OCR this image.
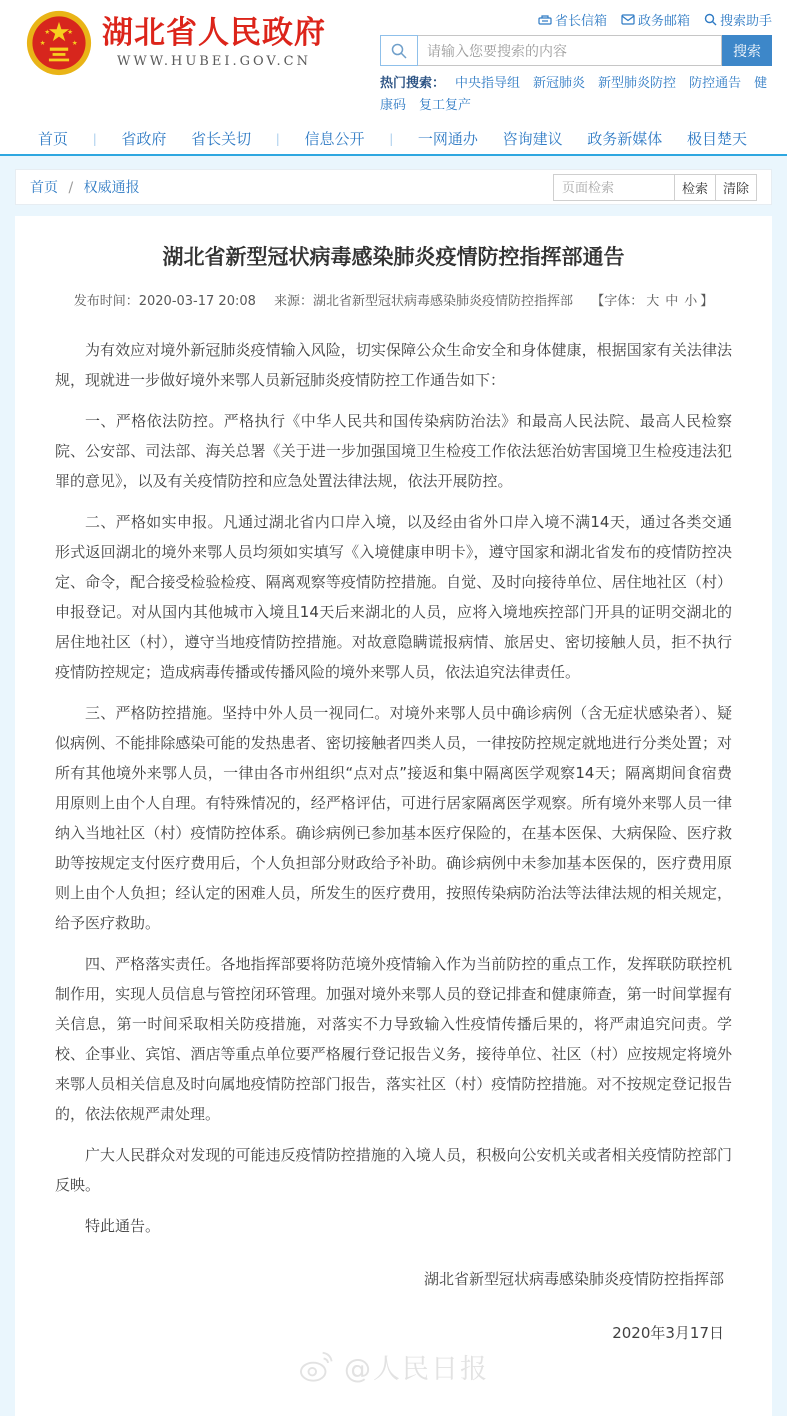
★ ★
★	★ 湖北省人民政府
WWW.HUBEI.GOV.CN
省长信箱 政务邮箱 搜索助手
请输入您要搜索的内容
搜索
热门搜索： 中央指导组 新冠肺炎 新型肺炎防控 防控通告 健康码 复工复产
首页 | 省政府 省长关切 | 信息公开 | 一网通办 咨询建议 政务新媒体 极目楚天
首页 / 权威通报
页面检索	检索	清除
湖北省新型冠状病毒感染肺炎疫情防控指挥部通告
发布时间：2020-03-17 20:08 来源：湖北省新型冠状病毒感染肺炎疫情防控指挥部 【字体： 大 中 小 】

为有效应对境外新冠肺炎疫情输入风险，切实保障公众生命安全和身体健康，根据国家有关法律法规，现就进一步做好境外来鄂人员新冠肺炎疫情防控工作通告如下：

一、严格依法防控。严格执行《中华人民共和国传染病防治法》和最高人民法院、最高人民检察院、公安部、司法部、海关总署《关于进一步加强国境卫生检疫工作依法惩治妨害国境卫生检疫违法犯罪的意见》，以及有关疫情防控和应急处置法律法规，依法开展防控。

二、严格如实申报。凡通过湖北省内口岸入境，以及经由省外口岸入境不满14天，通过各类交通形式返回湖北的境外来鄂人员均须如实填写《入境健康申明卡》，遵守国家和湖北省发布的疫情防控决定、命令，配合接受检验检疫、隔离观察等疫情防控措施。自觉、及时向接待单位、居住地社区（村）申报登记。对从国内其他城市入境且14天后来湖北的人员，应将入境地疾控部门开具的证明交湖北的居住地社区（村），遵守当地疫情防控措施。对故意隐瞒谎报病情、旅居史、密切接触人员，拒不执行疫情防控规定；造成病毒传播或传播风险的境外来鄂人员，依法追究法律责任。

三、严格防控措施。坚持中外人员一视同仁。对境外来鄂人员中确诊病例（含无症状感染者）、疑似病例、不能排除感染可能的发热患者、密切接触者四类人员，一律按防控规定就地进行分类处置；对所有其他境外来鄂人员，一律由各市州组织“点对点”接返和集中隔离医学观察14天；隔离期间食宿费用原则上由个人自理。有特殊情况的，经严格评估，可进行居家隔离医学观察。所有境外来鄂人员一律纳入当地社区（村）疫情防控体系。确诊病例已参加基本医疗保险的，在基本医保、大病保险、医疗救助等按规定支付医疗费用后，个人负担部分财政给予补助。确诊病例中未参加基本医保的，医疗费用原则上由个人负担；经认定的困难人员，所发生的医疗费用，按照传染病防治法等法律法规的相关规定，给予医疗救助。

四、严格落实责任。各地指挥部要将防范境外疫情输入作为当前防控的重点工作，发挥联防联控机制作用，实现人员信息与管控闭环管理。加强对境外来鄂人员的登记排查和健康筛查，第一时间掌握有关信息，第一时间采取相关防疫措施，对落实不力导致输入性疫情传播后果的，将严肃追究问责。学校、企事业、宾馆、酒店等重点单位要严格履行登记报告义务，接待单位、社区（村）应按规定将境外来鄂人员相关信息及时向属地疫情防控部门报告，落实社区（村）疫情防控措施。对不按规定登记报告的，依法依规严肃处理。

广大人民群众对发现的可能违反疫情防控措施的入境人员，积极向公安机关或者相关疫情防控部门反映。

特此通告。

湖北省新型冠状病毒感染肺炎疫情防控指挥部
2020年3月17日
@人民日报
